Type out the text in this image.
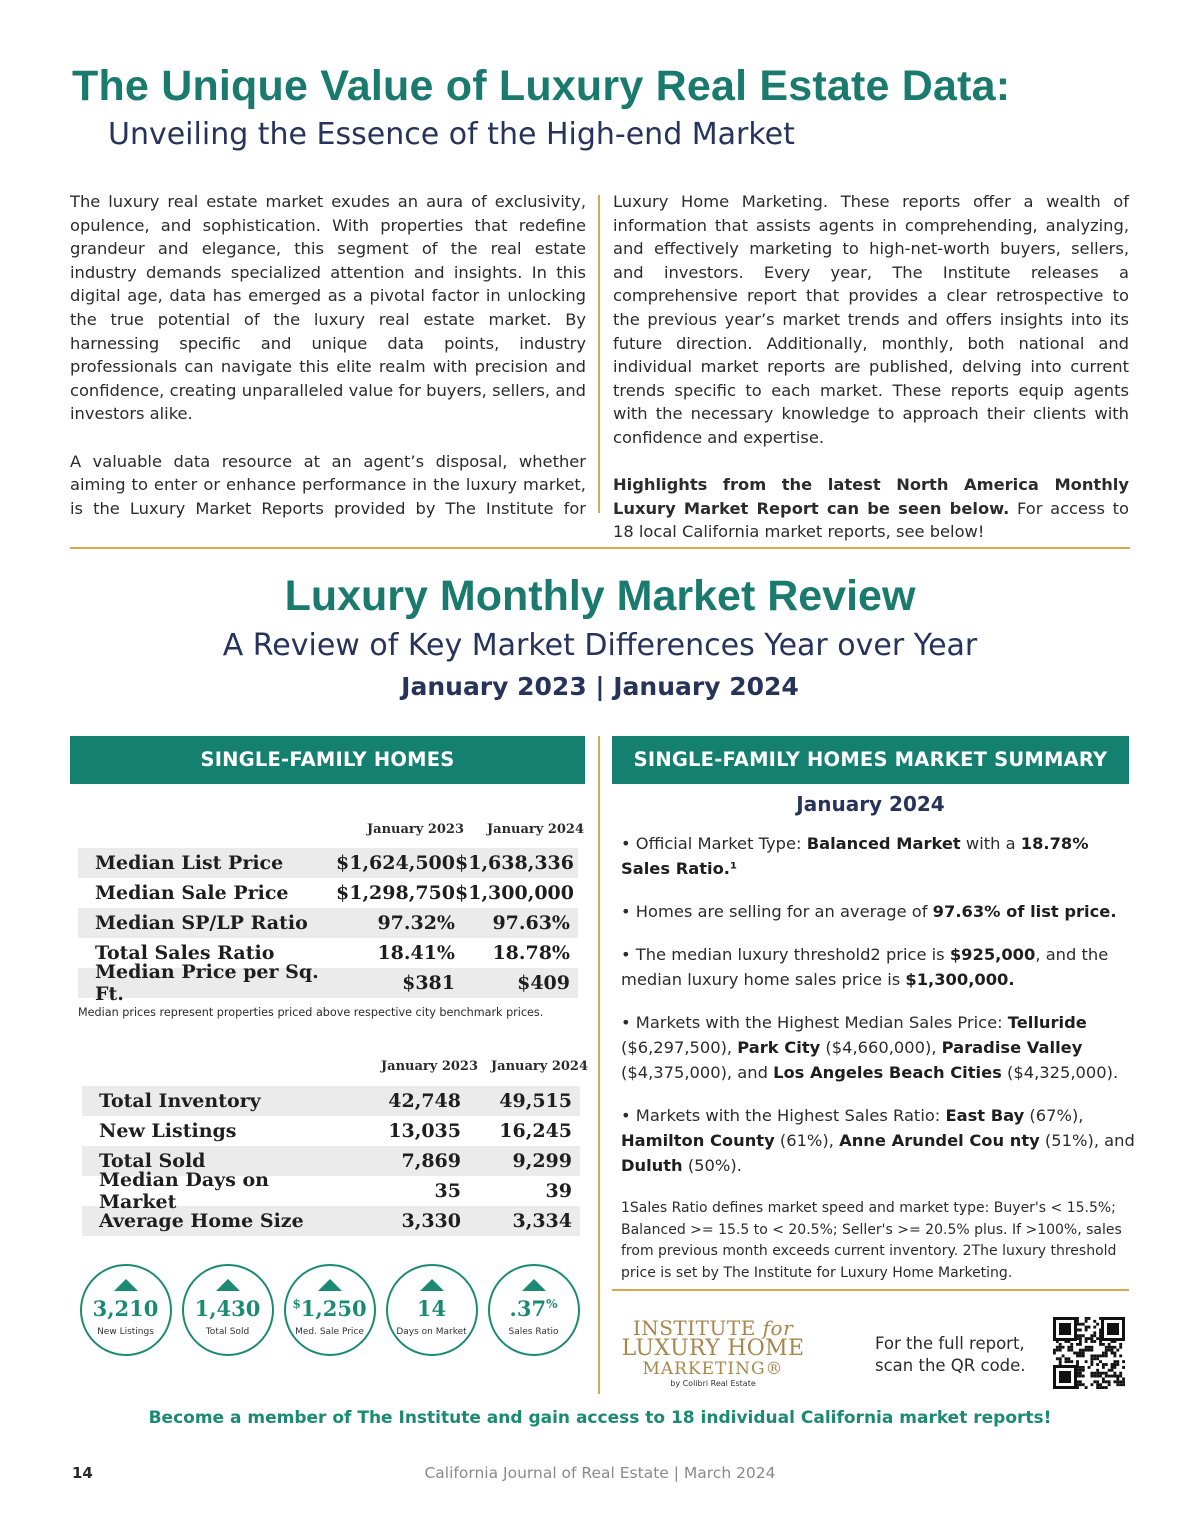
The Unique Value of Luxury Real Estate Data:
Unveiling the Essence of the High-end Market

The luxury real estate market exudes an aura of exclusivity, opulence, and sophistication. With properties that redefine grandeur and elegance, this segment of the real estate industry demands specialized attention and insights. In this digital age, data has emerged as a pivotal factor in unlocking the true potential of the luxury real estate market. By harnessing specific and unique data points, industry professionals can navigate this elite realm with precision and confidence, creating unparalleled value for buyers, sellers, and investors alike.

A valuable data resource at an agent’s disposal, whether aiming to enter or enhance performance in the luxury market, is the Luxury Market Reports provided by The Institute for

Luxury Home Marketing. These reports offer a wealth of information that assists agents in comprehending, analyzing, and effectively marketing to high-net-worth buyers, sellers, and investors. Every year, The Institute releases a comprehensive report that provides a clear retrospective to the previous year’s market trends and offers insights into its future direction. Additionally, monthly, both national and individual market reports are published, delving into current trends specific to each market. These reports equip agents with the necessary knowledge to approach their clients with confidence and expertise.

Highlights from the latest North America Monthly Luxury Market Report can be seen below. For access to 18 local California market reports, see below!

Luxury Monthly Market Review
A Review of Key Market Differences Year over Year
January 2023 | January 2024
SINGLE-FAMILY HOMES	SINGLE-FAMILY HOMES MARKET SUMMARY
January 2023 January 2024
Median List Price	$1,624,500 $1,638,336
Median Sale Price	$1,298,750 $1,300,000
Median SP/LP Ratio	97.32%	97.63%
Total Sales Ratio	18.41%	18.78%
Median Price per Sq. Ft.	$381	$409
Median prices represent properties priced above respective city benchmark prices.
January 2023 January 2024
Total Inventory	42,748	49,515
New Listings	13,035	16,245
Total Sold	7,869	9,299
Median Days on Market	35	39
Average Home Size	3,330	3,334
3,210
New Listings
1,430
Total Sold
$1,250
Med. Sale Price
14
Days on Market
.37%
Sales Ratio
January 2024

• Official Market Type: Balanced Market with a 18.78% Sales Ratio.¹

• Homes are selling for an average of 97.63% of list price.

• The median luxury threshold2 price is $925,000, and the median luxury home sales price is $1,300,000.

• Markets with the Highest Median Sales Price: Telluride ($6,297,500), Park City ($4,660,000), Paradise Valley ($4,375,000), and Los Angeles Beach Cities ($4,325,000).

• Markets with the Highest Sales Ratio: East Bay (67%), Hamilton County (61%), Anne Arundel Cou nty (51%), and Duluth (50%).

1Sales Ratio defines market speed and market type: Buyer's < 15.5%; Balanced >= 15.5 to < 20.5%; Seller's >= 20.5% plus. If >100%, sales from previous month exceeds current inventory. 2The luxury threshold price is set by The Institute for Luxury Home Marketing.
INSTITUTE for
LUXURY HOME
MARKETING®
by Colibri Real Estate
For the full report,
scan the QR code.
Become a member of The Institute and gain access to 18 individual California market reports!
14	California Journal of Real Estate | March 2024
